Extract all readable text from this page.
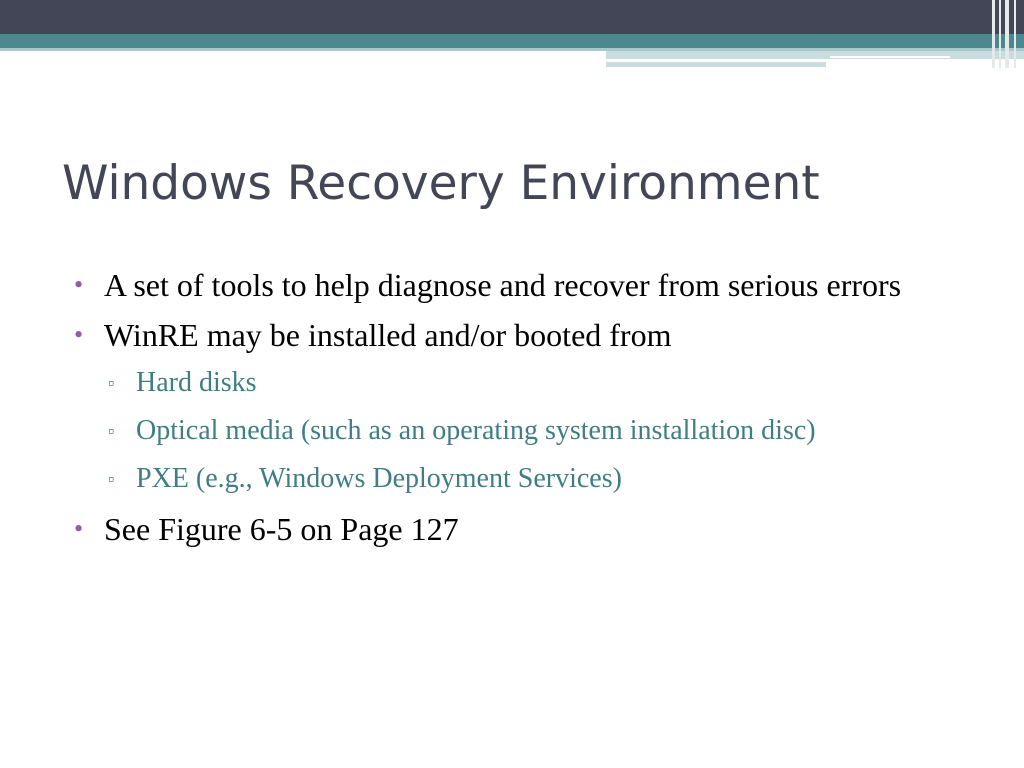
Windows Recovery Environment

• A set of tools to help diagnose and recover from serious errors

• WinRE may be installed and/or booted from

▫ Hard disks

▫ Optical media (such as an operating system installation disc)

▫ PXE (e.g., Windows Deployment Services)

• See Figure 6-5 on Page 127
